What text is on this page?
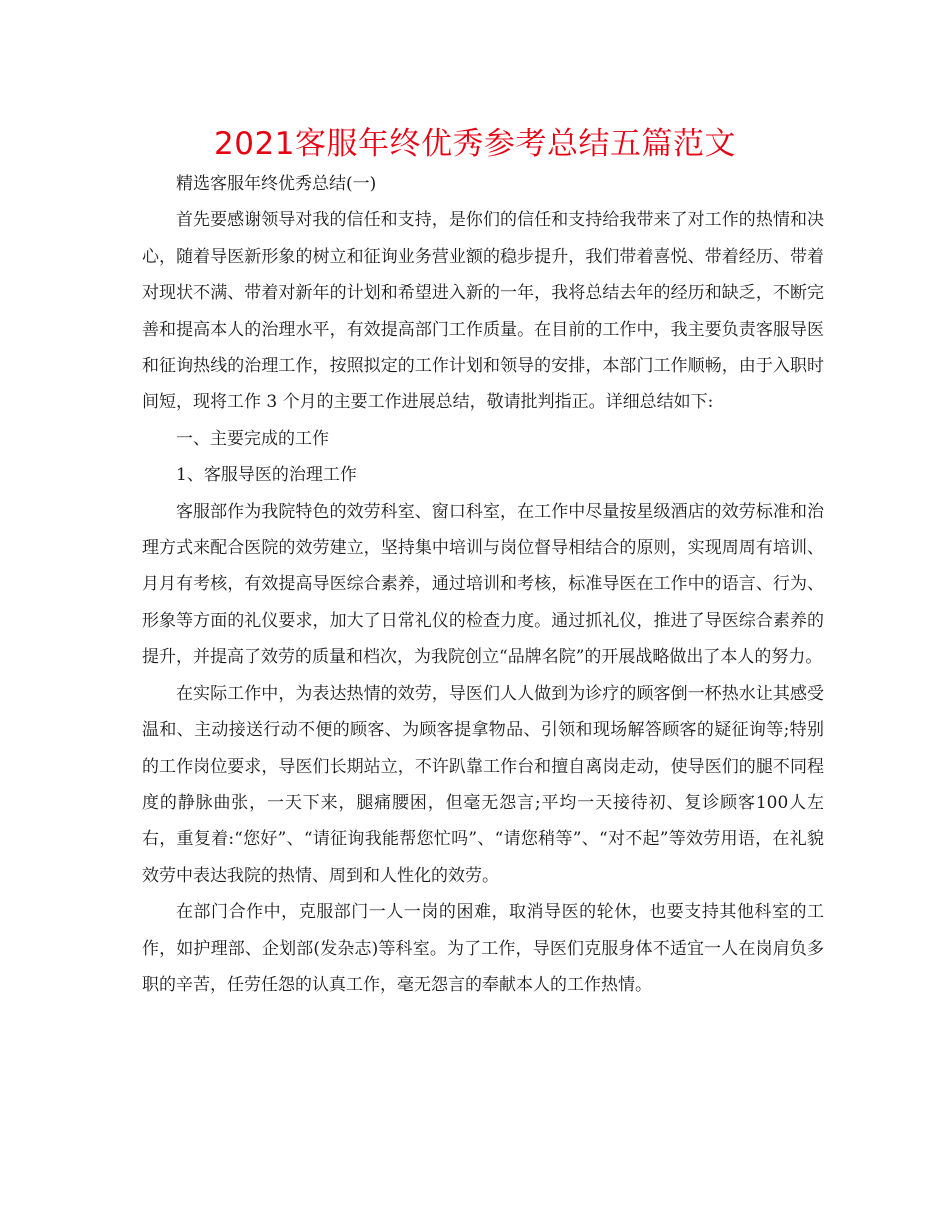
2021客服年终优秀参考总结五篇范文

精选客服年终优秀总结(一)

首先要感谢领导对我的信任和支持，是你们的信任和支持给我带来了对工作的热情和决心，随着导医新形象的树立和征询业务营业额的稳步提升，我们带着喜悦、带着经历、带着对现状不满、带着对新年的计划和希望进入新的一年，我将总结去年的经历和缺乏，不断完善和提高本人的治理水平，有效提高部门工作质量。在目前的工作中，我主要负责客服导医和征询热线的治理工作，按照拟定的工作计划和领导的安排，本部门工作顺畅，由于入职时间短，现将工作 3 个月的主要工作进展总结，敬请批判指正。详细总结如下:

一、主要完成的工作

1、客服导医的治理工作

客服部作为我院特色的效劳科室、窗口科室，在工作中尽量按星级酒店的效劳标准和治理方式来配合医院的效劳建立，坚持集中培训与岗位督导相结合的原则，实现周周有培训、月月有考核，有效提高导医综合素养，通过培训和考核，标准导医在工作中的语言、行为、形象等方面的礼仪要求，加大了日常礼仪的检查力度。通过抓礼仪，推进了导医综合素养的提升，并提高了效劳的质量和档次，为我院创立“品牌名院”的开展战略做出了本人的努力。

在实际工作中，为表达热情的效劳，导医们人人做到为诊疗的顾客倒一杯热水让其感受温和、主动接送行动不便的顾客、为顾客提拿物品、引领和现场解答顾客的疑征询等;特别的工作岗位要求，导医们长期站立，不许趴靠工作台和擅自离岗走动，使导医们的腿不同程度的静脉曲张，一天下来，腿痛腰困，但毫无怨言;平均一天接待初、复诊顾客100人左右，重复着:“您好”、“请征询我能帮您忙吗”、“请您稍等”、“对不起”等效劳用语，在礼貌效劳中表达我院的热情、周到和人性化的效劳。

在部门合作中，克服部门一人一岗的困难，取消导医的轮休，也要支持其他科室的工作，如护理部、企划部(发杂志)等科室。为了工作，导医们克服身体不适宜一人在岗肩负多职的辛苦，任劳任怨的认真工作，毫无怨言的奉献本人的工作热情。
